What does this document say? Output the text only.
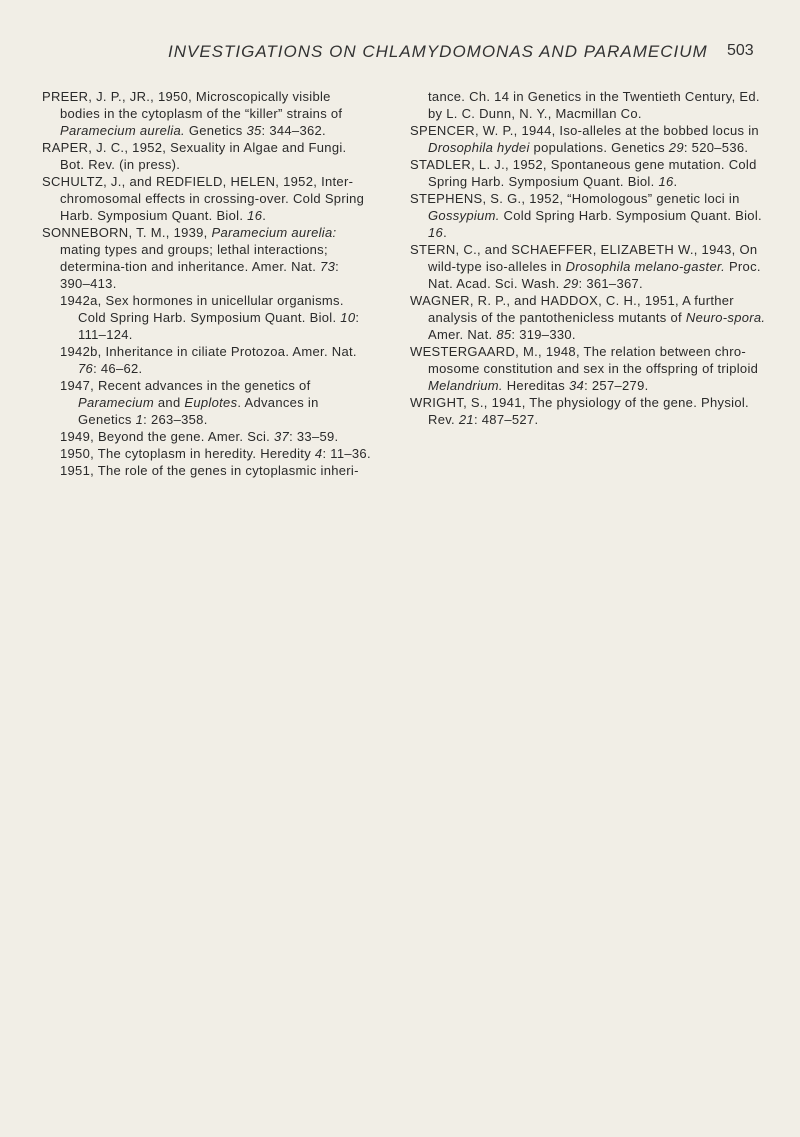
INVESTIGATIONS ON CHLAMYDOMONAS AND PARAMECIUM 503
PREER, J. P., JR., 1950, Microscopically visible bodies in the cytoplasm of the “killer” strains of Paramecium aurelia. Genetics 35: 344–362.
RAPER, J. C., 1952, Sexuality in Algae and Fungi. Bot. Rev. (in press).
SCHULTZ, J., and REDFIELD, HELEN, 1952, Inter-chromosomal effects in crossing-over. Cold Spring Harb. Symposium Quant. Biol. 16.
SONNEBORN, T. M., 1939, Paramecium aurelia: mating types and groups; lethal interactions; determina-tion and inheritance. Amer. Nat. 73: 390–413.
1942a, Sex hormones in unicellular organisms. Cold Spring Harb. Symposium Quant. Biol. 10: 111–124.
1942b, Inheritance in ciliate Protozoa. Amer. Nat. 76: 46–62.
1947, Recent advances in the genetics of Paramecium and Euplotes. Advances in Genetics 1: 263–358.
1949, Beyond the gene. Amer. Sci. 37: 33–59.
1950, The cytoplasm in heredity. Heredity 4: 11–36.
1951, The role of the genes in cytoplasmic inheri-
tance. Ch. 14 in Genetics in the Twentieth Century, Ed. by L. C. Dunn, N. Y., Macmillan Co.
SPENCER, W. P., 1944, Iso-alleles at the bobbed locus in Drosophila hydei populations. Genetics 29: 520–536.
STADLER, L. J., 1952, Spontaneous gene mutation. Cold Spring Harb. Symposium Quant. Biol. 16.
STEPHENS, S. G., 1952, “Homologous” genetic loci in Gossypium. Cold Spring Harb. Symposium Quant. Biol. 16.
STERN, C., and SCHAEFFER, ELIZABETH W., 1943, On wild-type iso-alleles in Drosophila melano-gaster. Proc. Nat. Acad. Sci. Wash. 29: 361–367.
WAGNER, R. P., and HADDOX, C. H., 1951, A further analysis of the pantothenicless mutants of Neuro-spora. Amer. Nat. 85: 319–330.
WESTERGAARD, M., 1948, The relation between chro-mosome constitution and sex in the offspring of triploid Melandrium. Hereditas 34: 257–279.
WRIGHT, S., 1941, The physiology of the gene. Physiol. Rev. 21: 487–527.
